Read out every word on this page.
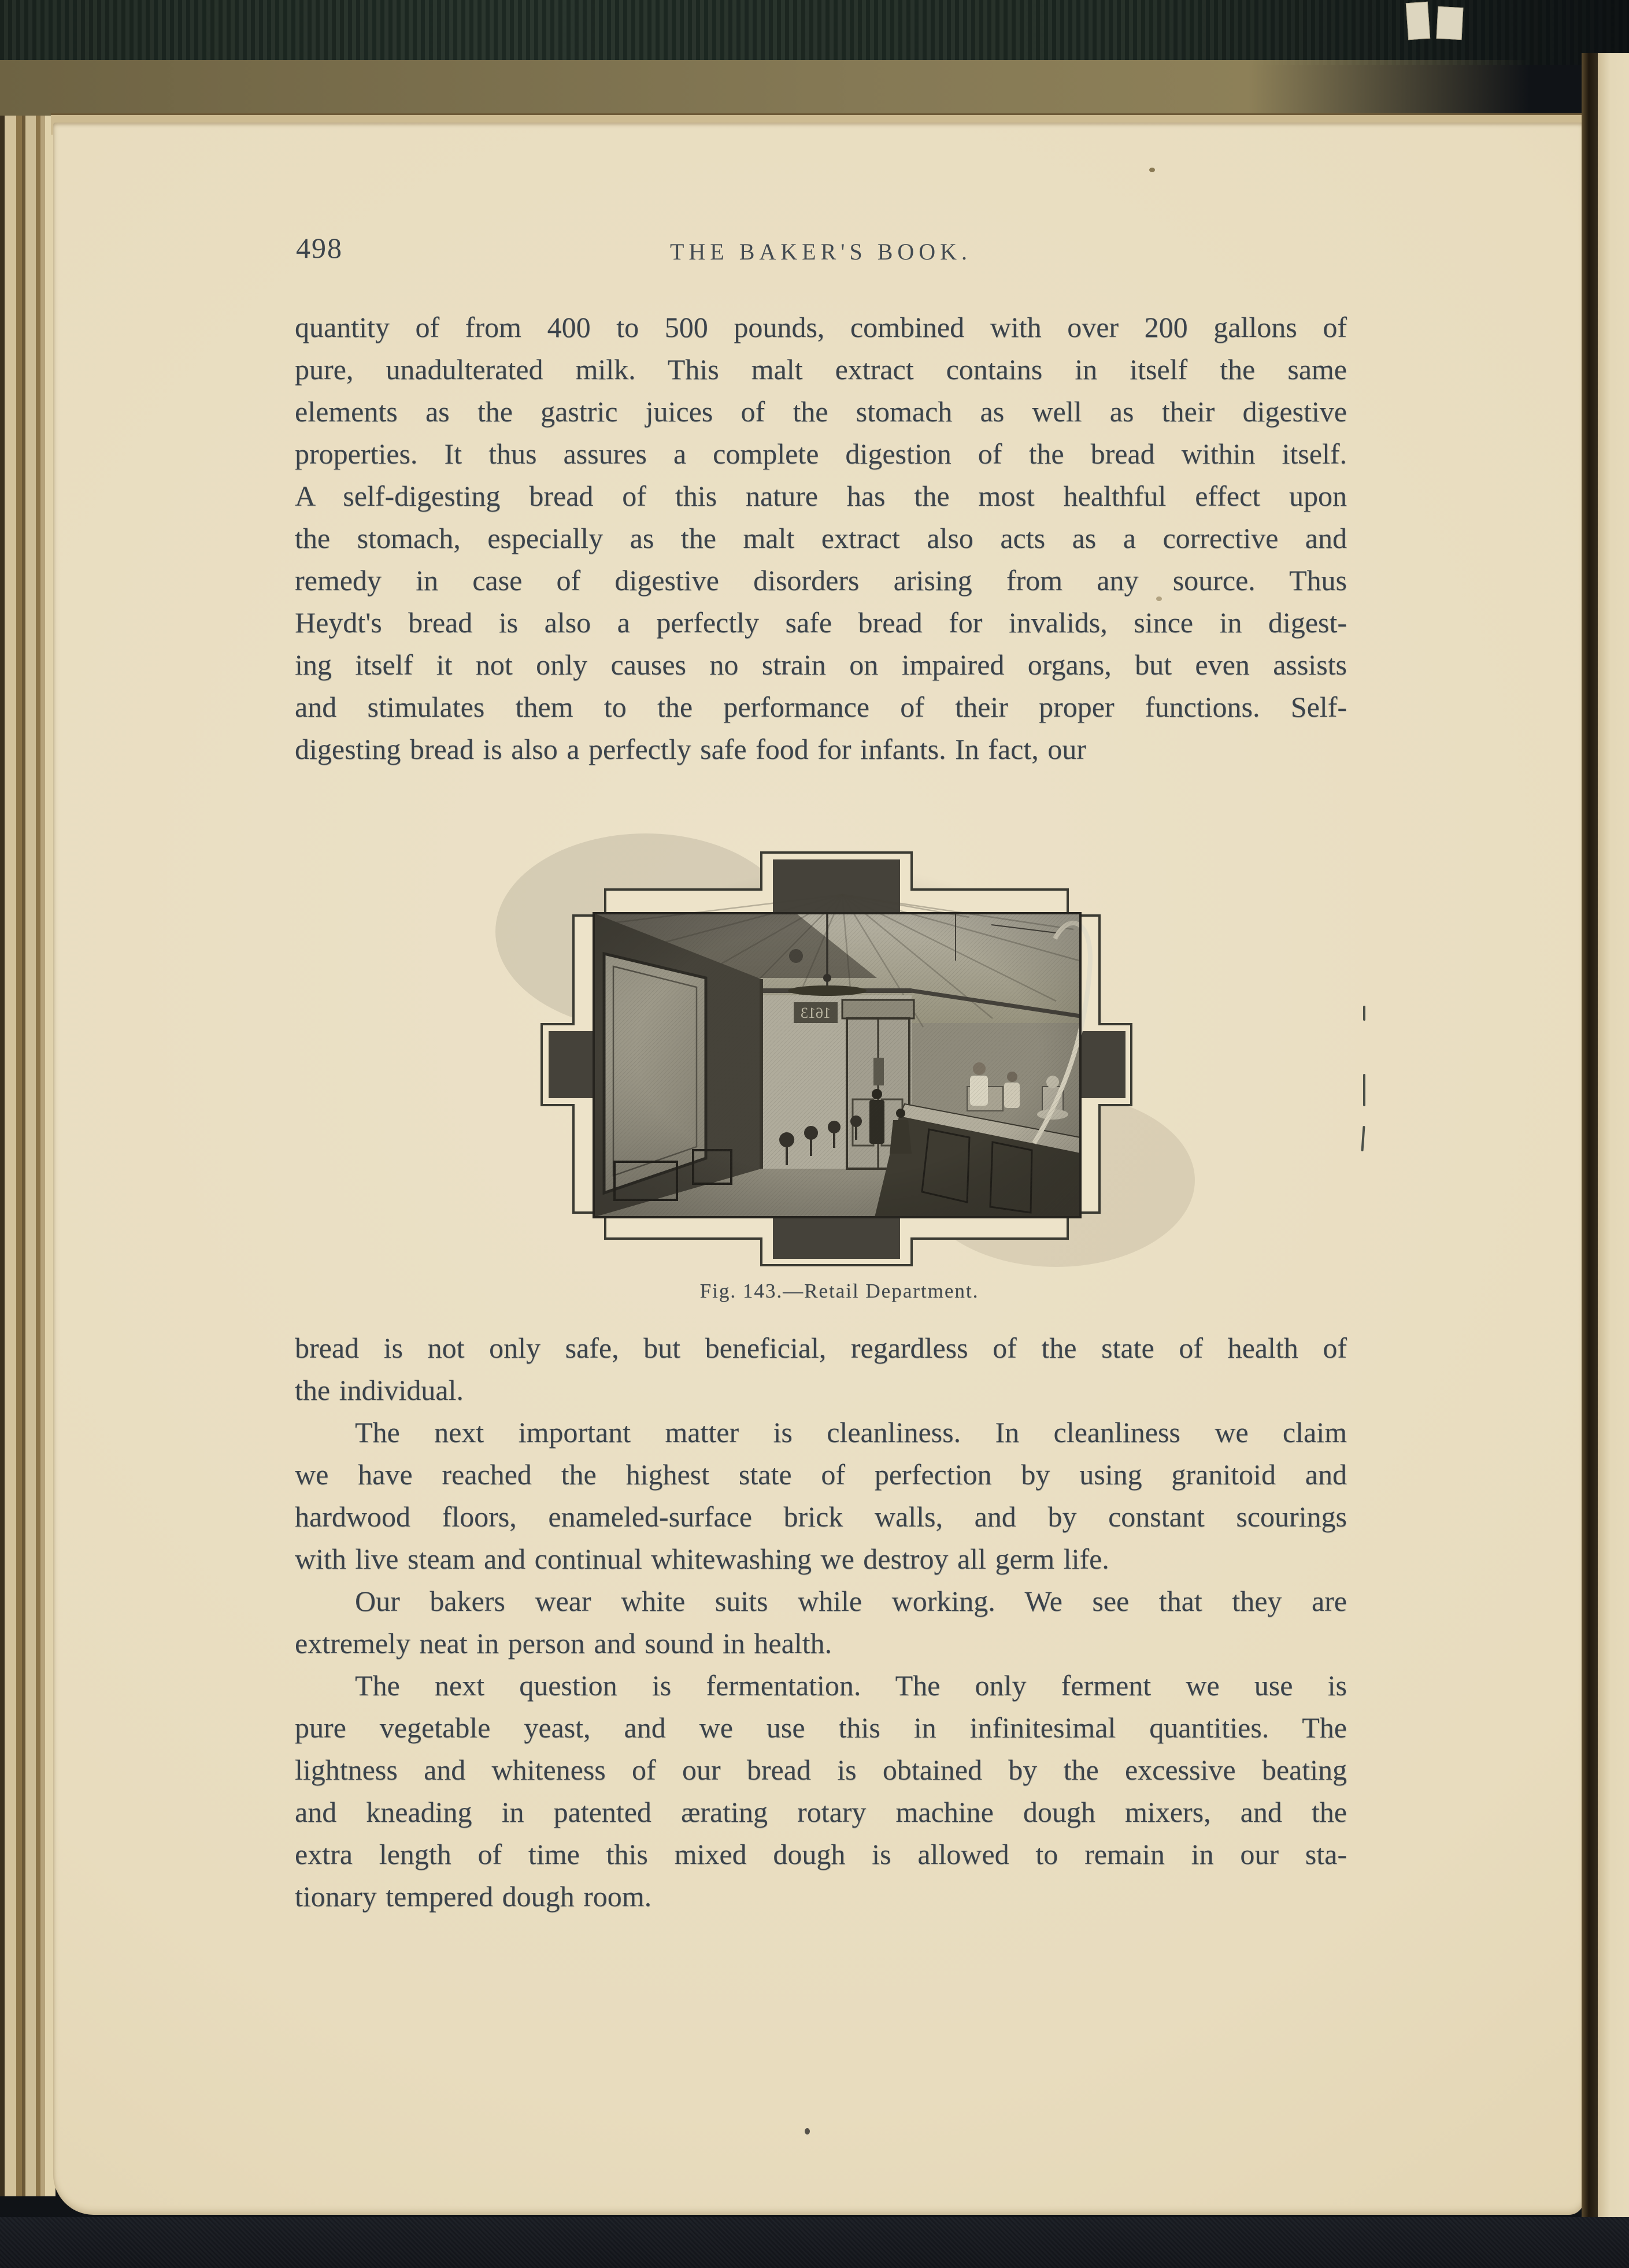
498	THE BAKER'S BOOK.
quantity of from 400 to 500 pounds, combined with over 200 gallons of
pure, unadulterated milk. This malt extract contains in itself the same
elements as the gastric juices of the stomach as well as their digestive
properties. It thus assures a complete digestion of the bread within itself.
A self-digesting bread of this nature has the most healthful effect upon
the stomach, especially as the malt extract also acts as a corrective and
remedy in case of digestive disorders arising from any source. Thus
Heydt's bread is also a perfectly safe bread for invalids, since in digest-
ing itself it not only causes no strain on impaired organs, but even assists
and stimulates them to the performance of their proper functions. Self-
digesting bread is also a perfectly safe food for infants. In fact, our
Fig. 143.—Retail Department.
bread is not only safe, but beneficial, regardless of the state of health of
the individual.
The next important matter is cleanliness. In cleanliness we claim
we have reached the highest state of perfection by using granitoid and
hardwood floors, enameled-surface brick walls, and by constant scourings
with live steam and continual whitewashing we destroy all germ life.
Our bakers wear white suits while working. We see that they are
extremely neat in person and sound in health.
The next question is fermentation. The only ferment we use is
pure vegetable yeast, and we use this in infinitesimal quantities. The
lightness and whiteness of our bread is obtained by the excessive beating
and kneading in patented ærating rotary machine dough mixers, and the
extra length of time this mixed dough is allowed to remain in our sta-
tionary tempered dough room.
